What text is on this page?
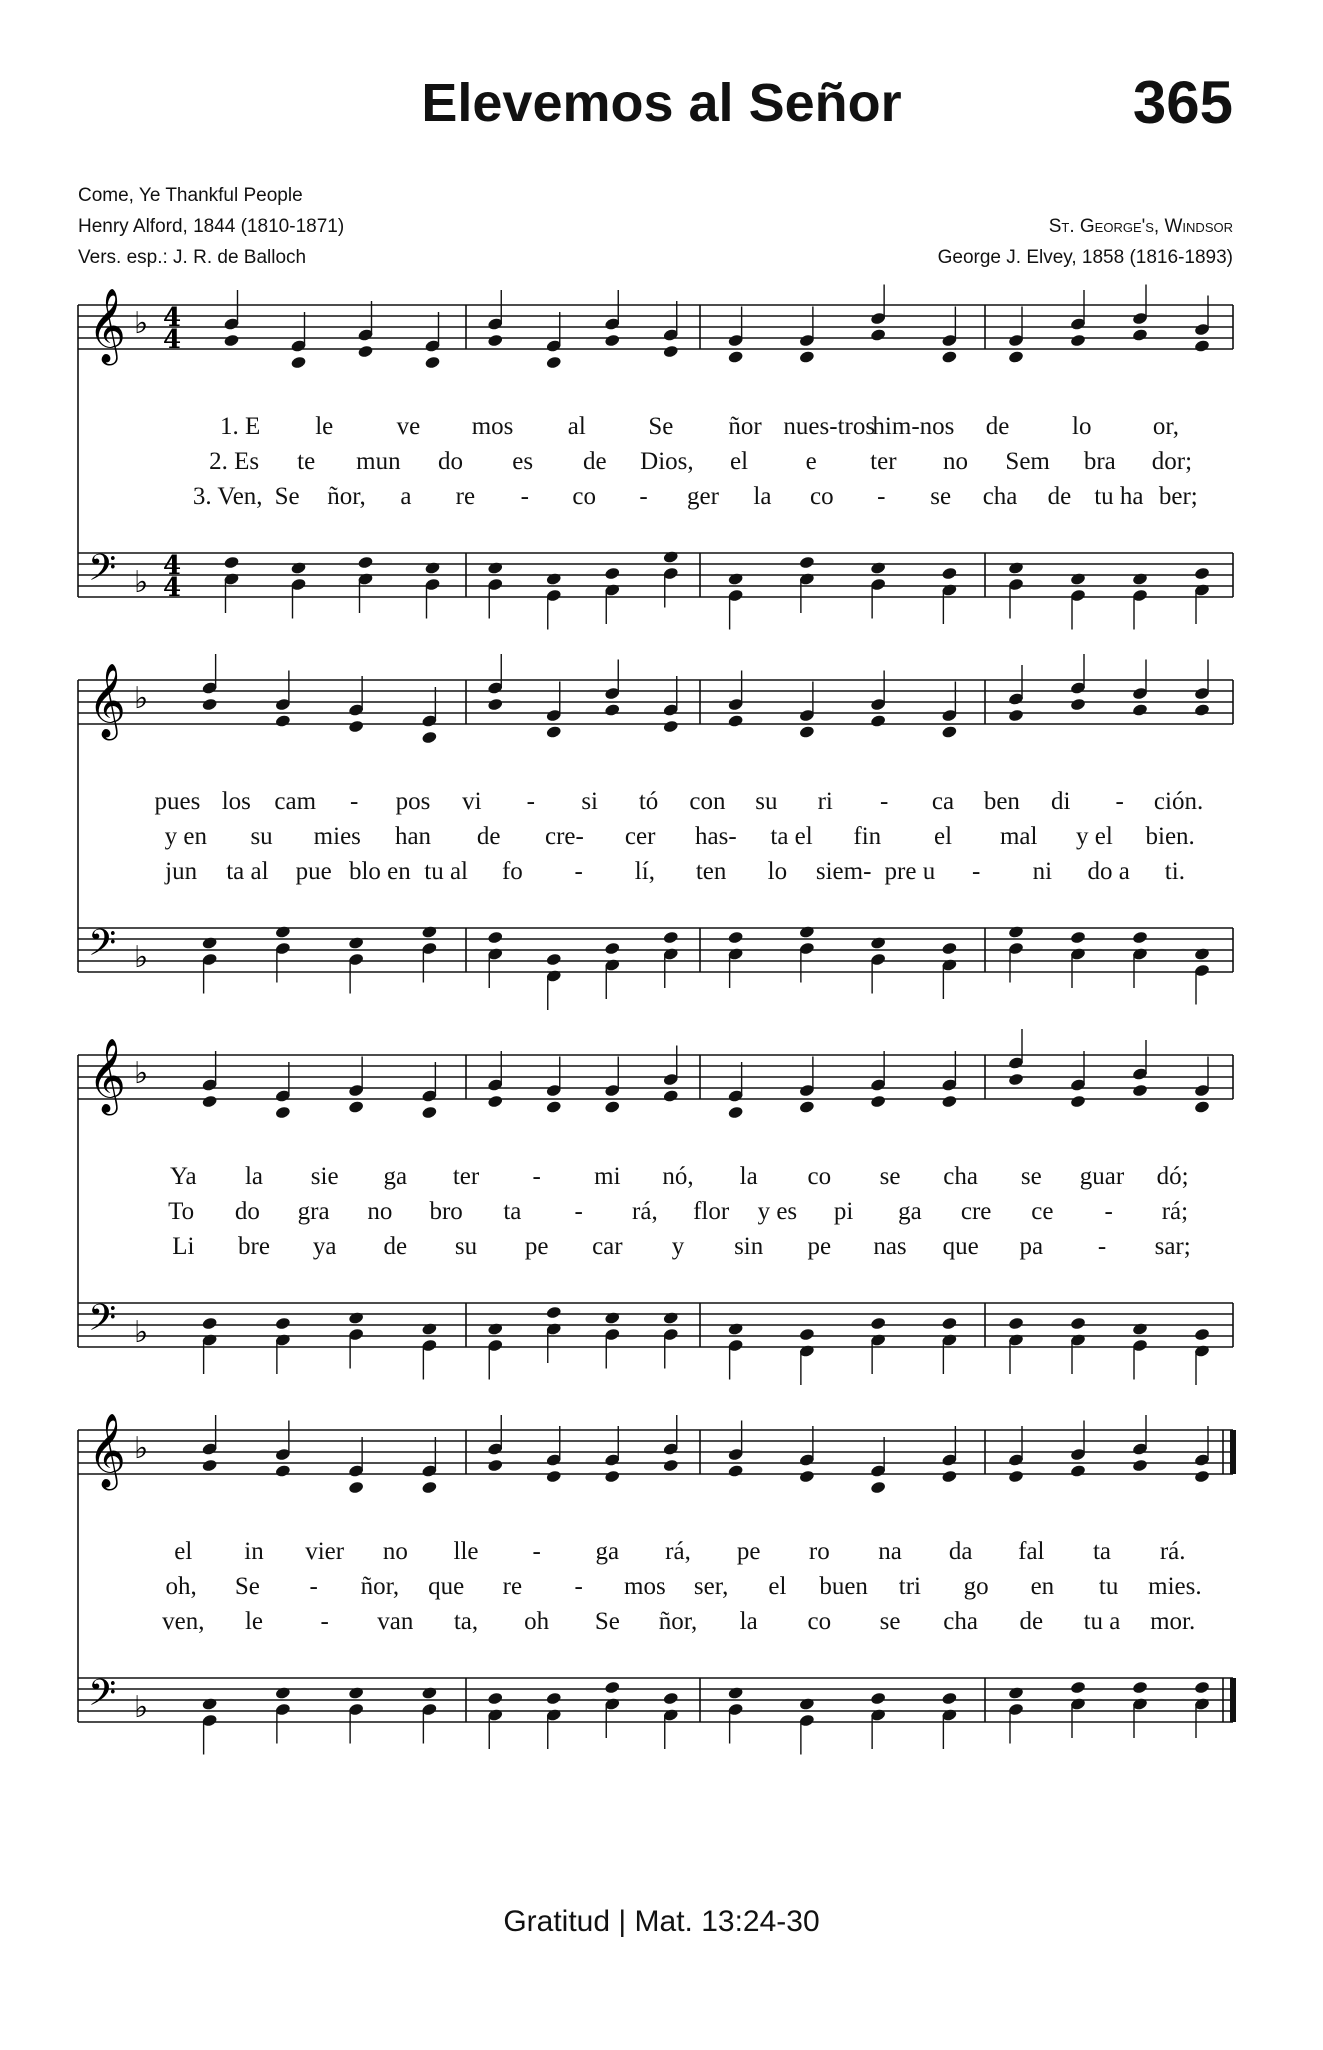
Elevemos al Señor	365
Come, Ye Thankful People
Henry Alford, 1844 (1810-1871)
Vers. esp.: J. R. de Balloch
St. George's, Windsor
George J. Elvey, 1858 (1816-1893)
𝄞 ♭ 4
4
𝄢 ♭ 4
4
1. E le	ve mos al	Se ñor nues-tros
him-nos de	lo or,
2. Es te mun do es de Dios, el e ter no Sem bra dor;
3. Ven, Se ñor, a re - co - ger la co - se cha de tu ha ber;
𝄞 ♭
𝄢 ♭
pues los cam - pos vi - si tó con su ri - ca ben di - ción.
y en su mies han de cre- cer has- ta el fin el mal y el bien.
jun ta al pue blo en tu al fo - lí, ten lo siem- pre u - ni do a ti.
𝄞 ♭
𝄢 ♭
Ya la sie ga ter - mi nó, la co se cha se guar dó;
To do gra no bro ta - rá, flor y es pi ga cre ce - rá;
Li bre ya de su pe car y sin pe nas que pa - sar;
𝄞 ♭
𝄢 ♭
el in vier no lle - ga rá, pe ro na da fal ta rá.
oh, Se - ñor, que re - mos ser, el buen tri go en tu mies.
ven, le - van ta, oh Se ñor, la co se cha de tu a mor.
Gratitud | Mat. 13:24-30
